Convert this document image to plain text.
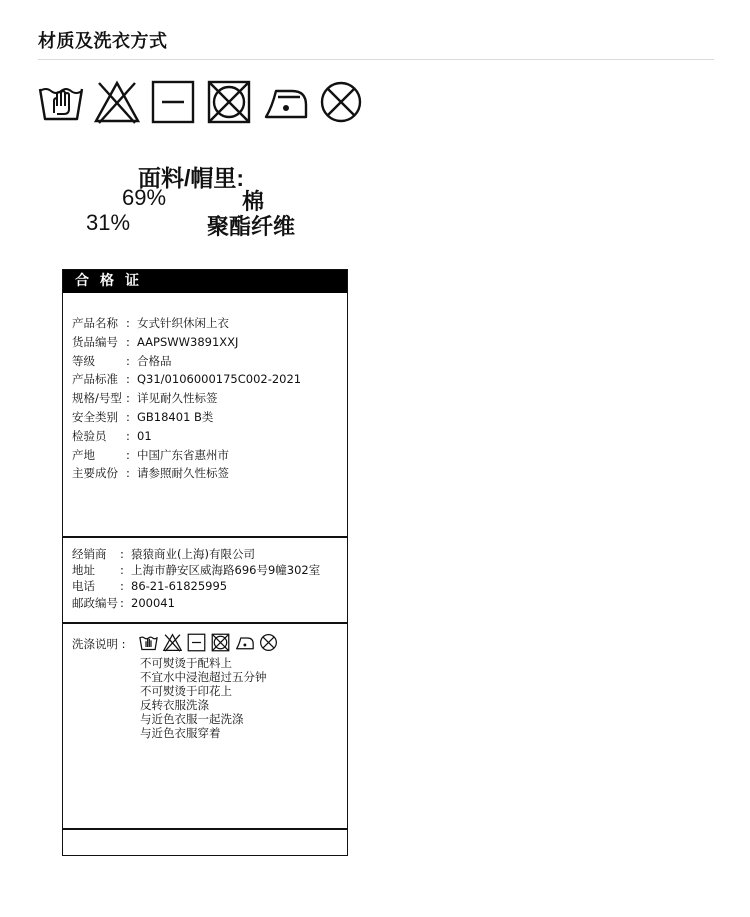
材质及洗衣方式
面料/帽里:
69%	棉
31%	聚酯纤维
合格证
产品名称 : 女式针织休闲上衣
货品编号 : AAPSWW3891XXJ
等级	: 合格品
产品标准 : Q31/0106000175C002-2021
规格/号型 : 详见耐久性标签
安全类别 : GB18401 B类
检验员	: 01
产地	: 中国广东省惠州市
主要成份 : 请参照耐久性标签
经销商	: 猿猿商业(上海)有限公司
地址	: 上海市静安区威海路696号9幢302室
电话	: 86-21-61825995
邮政编号 : 200041
洗涤说明 :
不可熨烫于配料上
不宜水中浸泡超过五分钟
不可熨烫于印花上
反转衣服洗涤
与近色衣服一起洗涤
与近色衣服穿着
